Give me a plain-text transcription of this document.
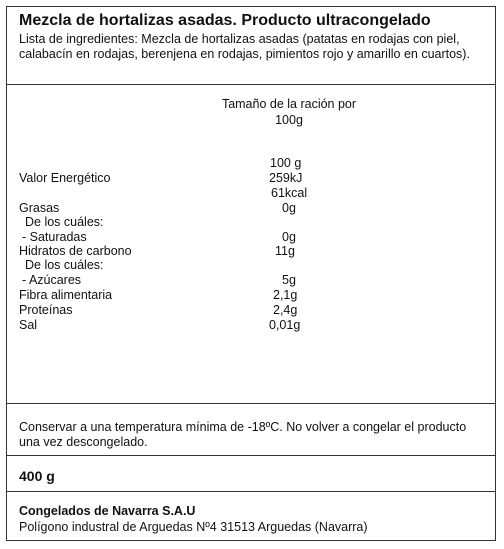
Mezcla de hortalizas asadas. Producto ultracongelado
Lista de ingredientes: Mezcla de hortalizas asadas (patatas en rodajas con piel, calabacín en rodajas, berenjena en rodajas, pimientos rojo y amarillo en cuartos).
Tamaño de la ración por
100g
100 g
Valor Energético	259kJ
61kcal
Grasas	0g
De los cuáles:
- Saturadas	0g
Hidratos de carbono	11g
De los cuáles:
- Azúcares	5g
Fibra alimentaria	2,1g
Proteínas	2,4g
Sal	0,01g
Conservar a una temperatura mínima de -18ºC. No volver a congelar el producto una vez descongelado.
400 g
Congelados de Navarra S.A.U
Polígono industral de Arguedas Nº4 31513 Arguedas (Navarra)
